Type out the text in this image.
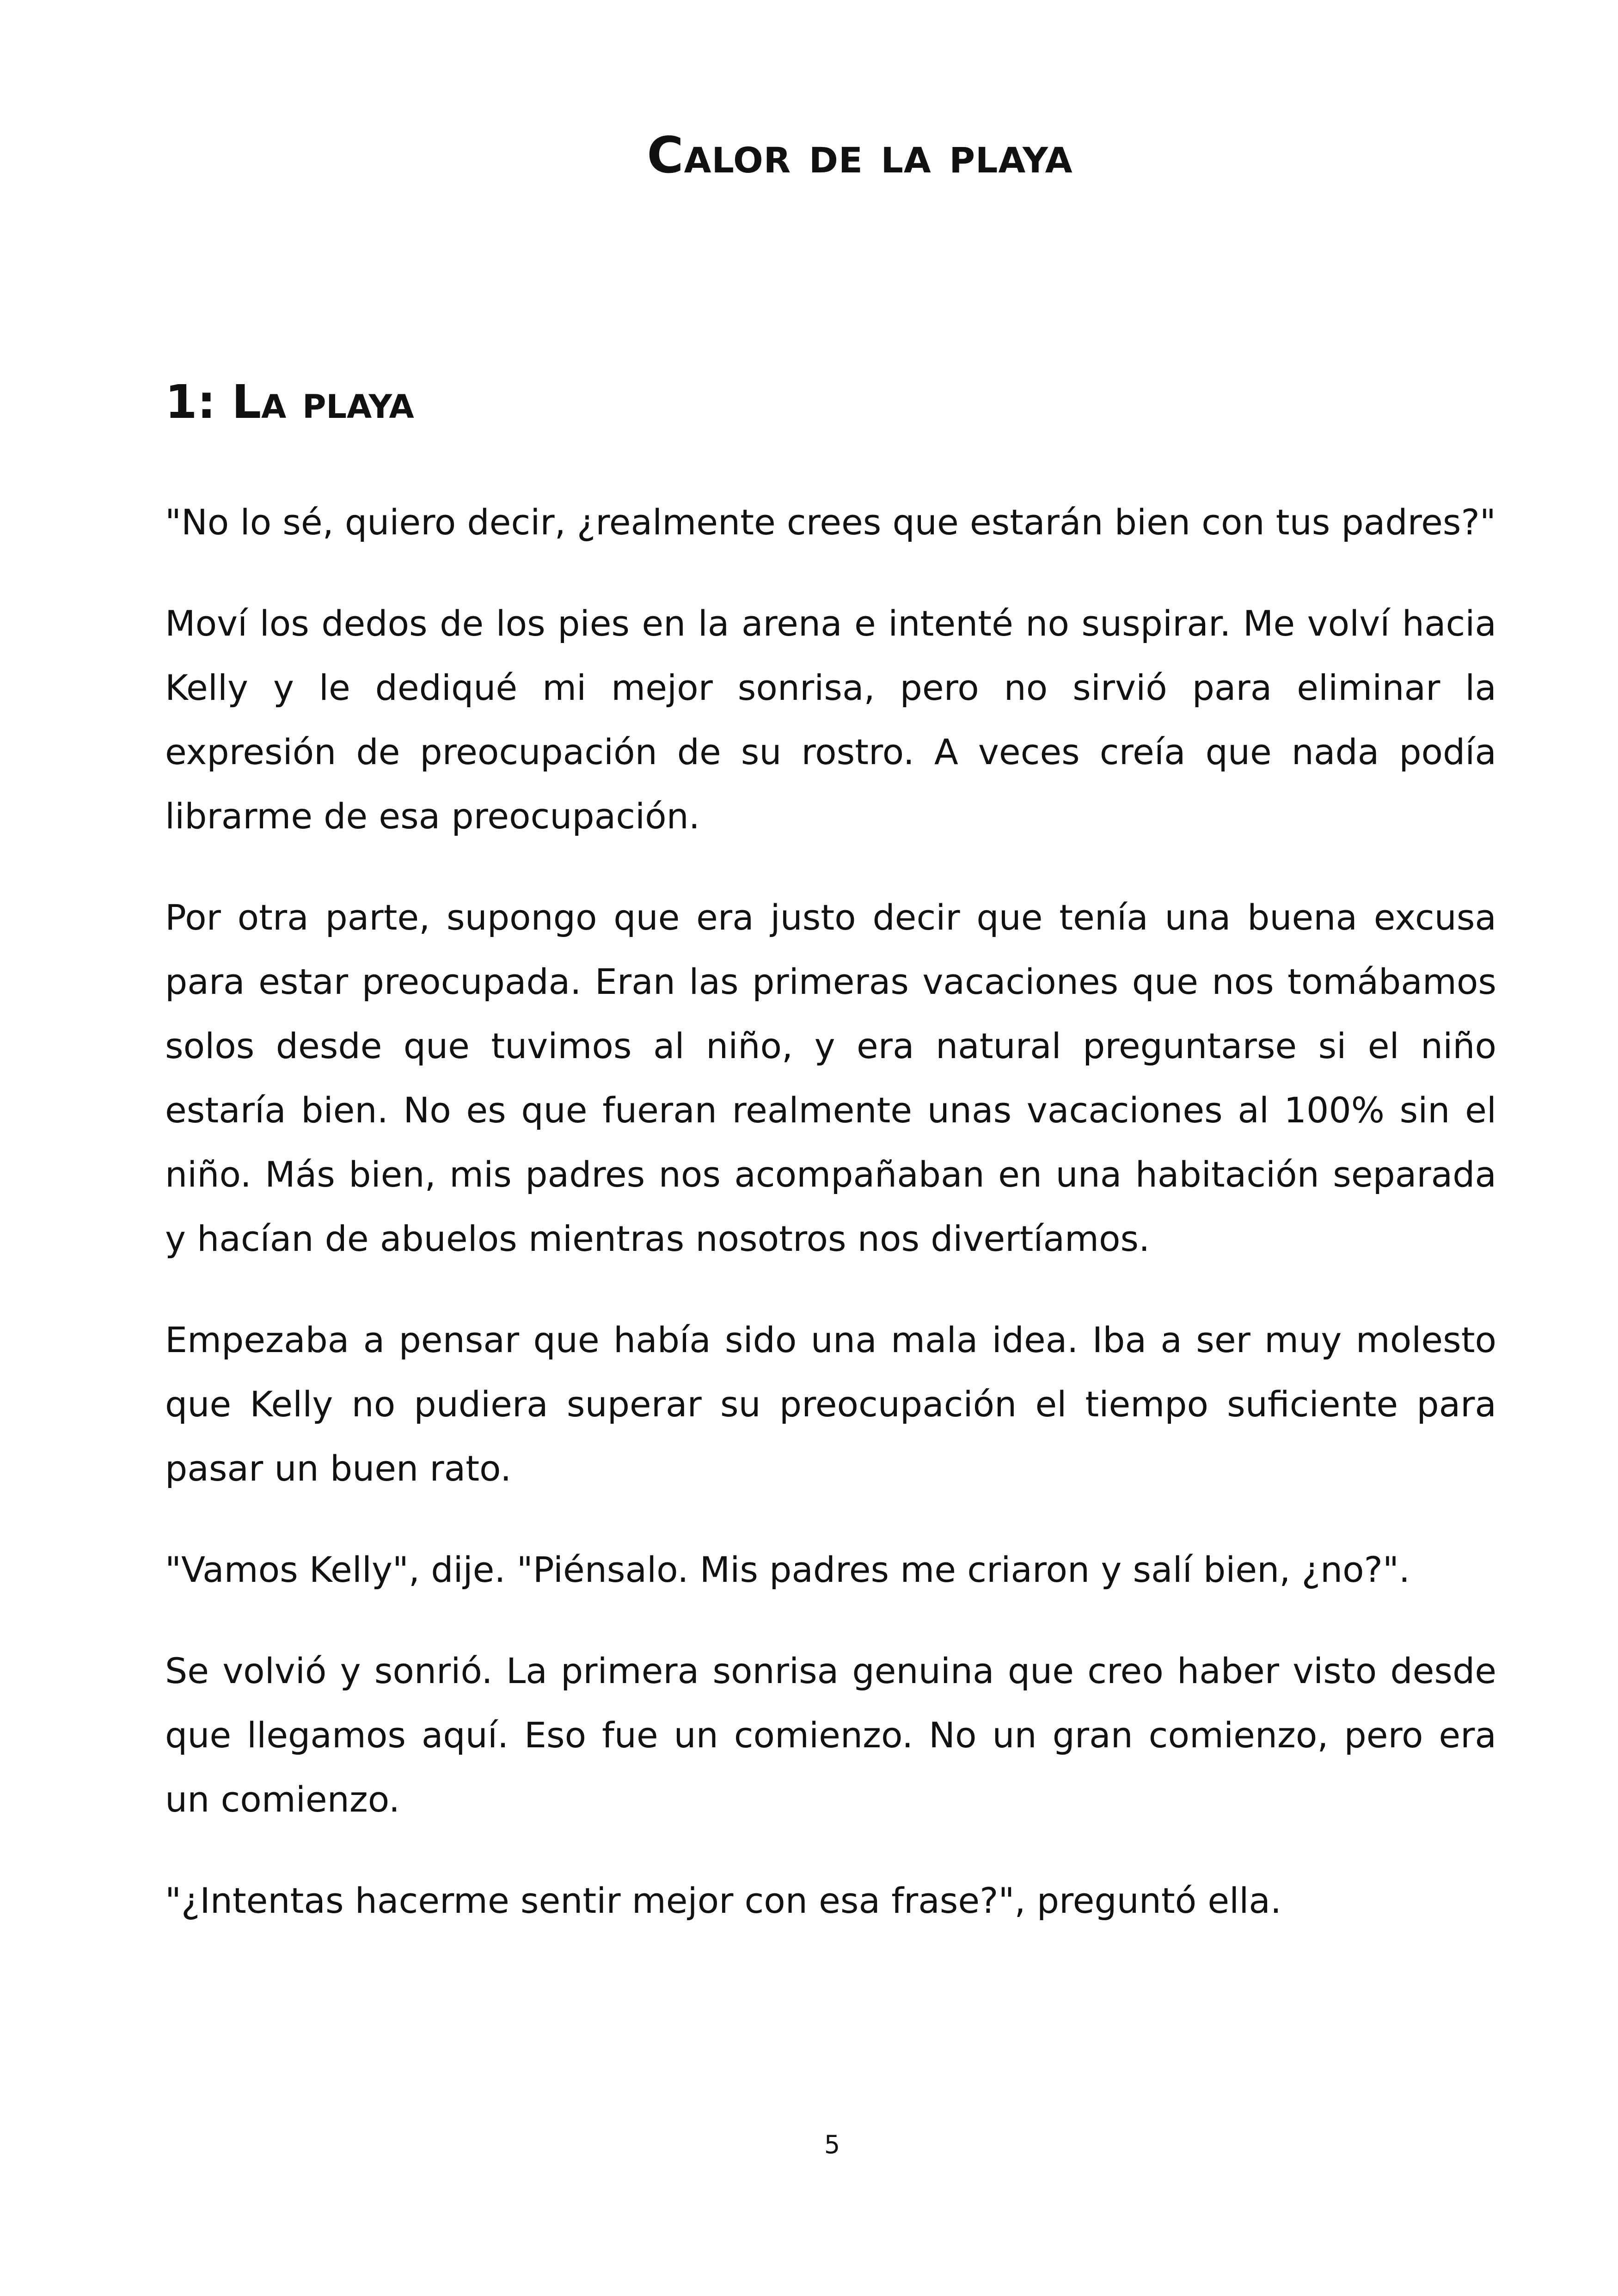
Calor de la playa
1: La playa

"No lo sé, quiero decir, ¿realmente crees que estarán bien con tus padres?"

Moví los dedos de los pies en la arena e intenté no suspirar. Me volví hacia Kelly y le dediqué mi mejor sonrisa, pero no sirvió para eliminar la expresión de preocupación de su rostro. A veces creía que nada podía librarme de esa preocupación.

Por otra parte, supongo que era justo decir que tenía una buena excusa para estar preocupada. Eran las primeras vacaciones que nos tomábamos solos desde que tuvimos al niño, y era natural preguntarse si el niño estaría bien. No es que fueran realmente unas vacaciones al 100% sin el niño. Más bien, mis padres nos acompañaban en una habitación separada y hacían de abuelos mientras nosotros nos divertíamos.

Empezaba a pensar que había sido una mala idea. Iba a ser muy molesto que Kelly no pudiera superar su preocupación el tiempo suficiente para pasar un buen rato.

"Vamos Kelly", dije. "Piénsalo. Mis padres me criaron y salí bien, ¿no?".

Se volvió y sonrió. La primera sonrisa genuina que creo haber visto desde que llegamos aquí. Eso fue un comienzo. No un gran comienzo, pero era un comienzo.

"¿Intentas hacerme sentir mejor con esa frase?", preguntó ella.

5
